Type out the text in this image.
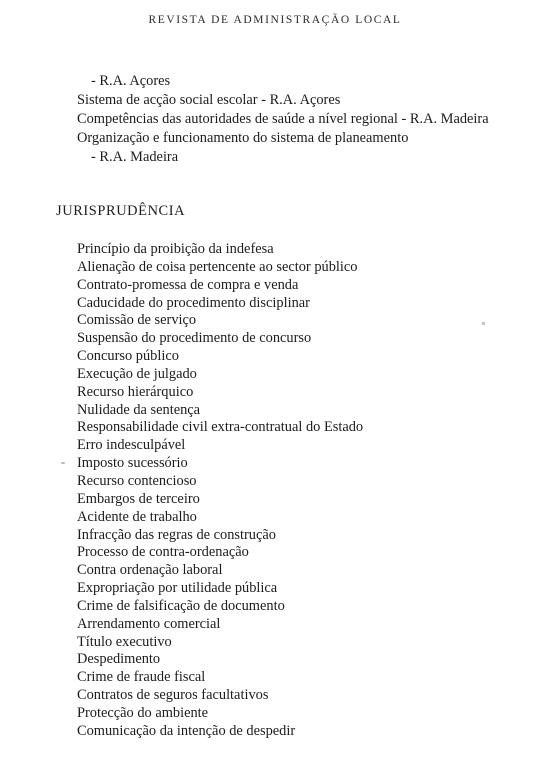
REVISTA DE ADMINISTRAÇÃO LOCAL
- R.A. Açores
Sistema de acção social escolar - R.A. Açores
Competências das autoridades de saúde a nível regional - R.A. Madeira
Organização e funcionamento do sistema de planeamento
- R.A. Madeira
JURISPRUDÊNCIA
Princípio da proibição da indefesa
Alienação de coisa pertencente ao sector público
Contrato-promessa de compra e venda
Caducidade do procedimento disciplinar
Comissão de serviço
Suspensão do procedimento de concurso
Concurso público
Execução de julgado
Recurso hierárquico
Nulidade da sentença
Responsabilidade civil extra-contratual do Estado
Erro indesculpável
Imposto sucessório
Recurso contencioso
Embargos de terceiro
Acidente de trabalho
Infracção das regras de construção
Processo de contra-ordenação
Contra ordenação laboral
Expropriação por utilidade pública
Crime de falsificação de documento
Arrendamento comercial
Título executivo
Despedimento
Crime de fraude fiscal
Contratos de seguros facultativos
Protecção do ambiente
Comunicação da intenção de despedir
